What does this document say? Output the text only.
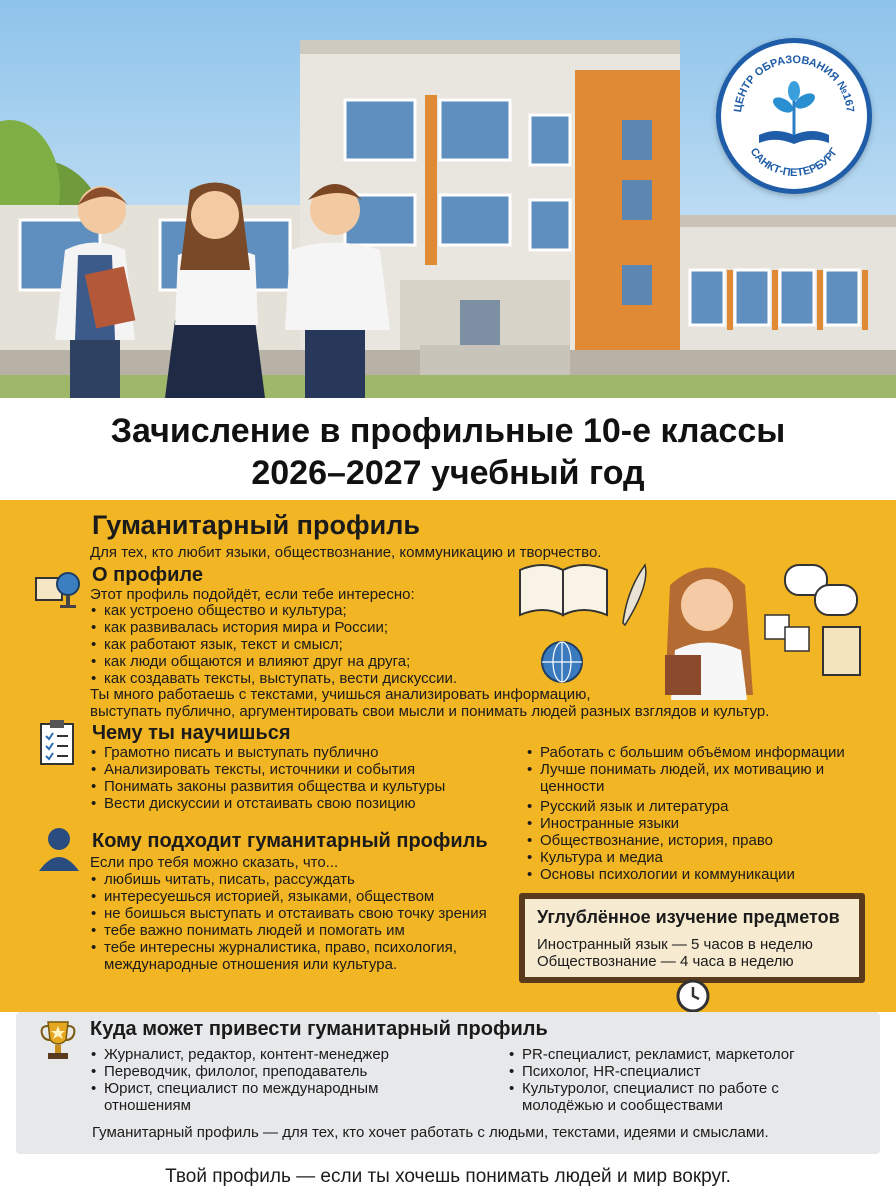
ЦЕНТР ОБРАЗОВАНИЯ №167
САНКТ-ПЕТЕРБУРГ
Зачисление в профильные 10-е классы
2026–2027 учебный год
Гуманитарный профиль
Для тех, кто любит языки, обществознание, коммуникацию и творчество.
О профиле
Этот профиль подойдёт, если тебе интересно:
• как устроено общество и культура;
• как развивалась история мира и России;
• как работают язык, текст и смысл;
• как люди общаются и влияют друг на друга;
• как создавать тексты, выступать, вести дискуссии.
Ты много работаешь с текстами, учишься анализировать информацию,
выступать публично, аргументировать свои мысли и понимать людей разных взглядов и культур.
Чему ты научишься
• Грамотно писать и выступать публично
• Анализировать тексты, источники и события
• Понимать законы развития общества и культуры
• Вести дискуссии и отстаивать свою позицию
• Работать с большим объёмом информации
• Лучше понимать людей, их мотивацию и ценности
• Русский язык и литература
• Иностранные языки
• Обществознание, история, право
• Культура и медиа
• Основы психологии и коммуникации
Кому подходит гуманитарный профиль
Если про тебя можно сказать, что...
• любишь читать, писать, рассуждать
• интересуешься историей, языками, обществом
• не боишься выступать и отстаивать свою точку зрения
• тебе важно понимать людей и помогать им
• тебе интересны журналистика, право, психология, международные отношения или культура.
Углублённое изучение предметов
Иностранный язык — 5 часов в неделю
Обществознание — 4 часа в неделю
Куда может привести гуманитарный профиль
• Журналист, редактор, контент-менеджер
• Переводчик, филолог, преподаватель
• Юрист, специалист по международным отношениям
• PR-специалист, рекламист, маркетолог
• Психолог, HR-специалист
• Культуролог, специалист по работе с молодёжью и сообществами
Гуманитарный профиль — для тех, кто хочет работать с людьми, текстами, идеями и смыслами.
Твой профиль — если ты хочешь понимать людей и мир вокруг.
